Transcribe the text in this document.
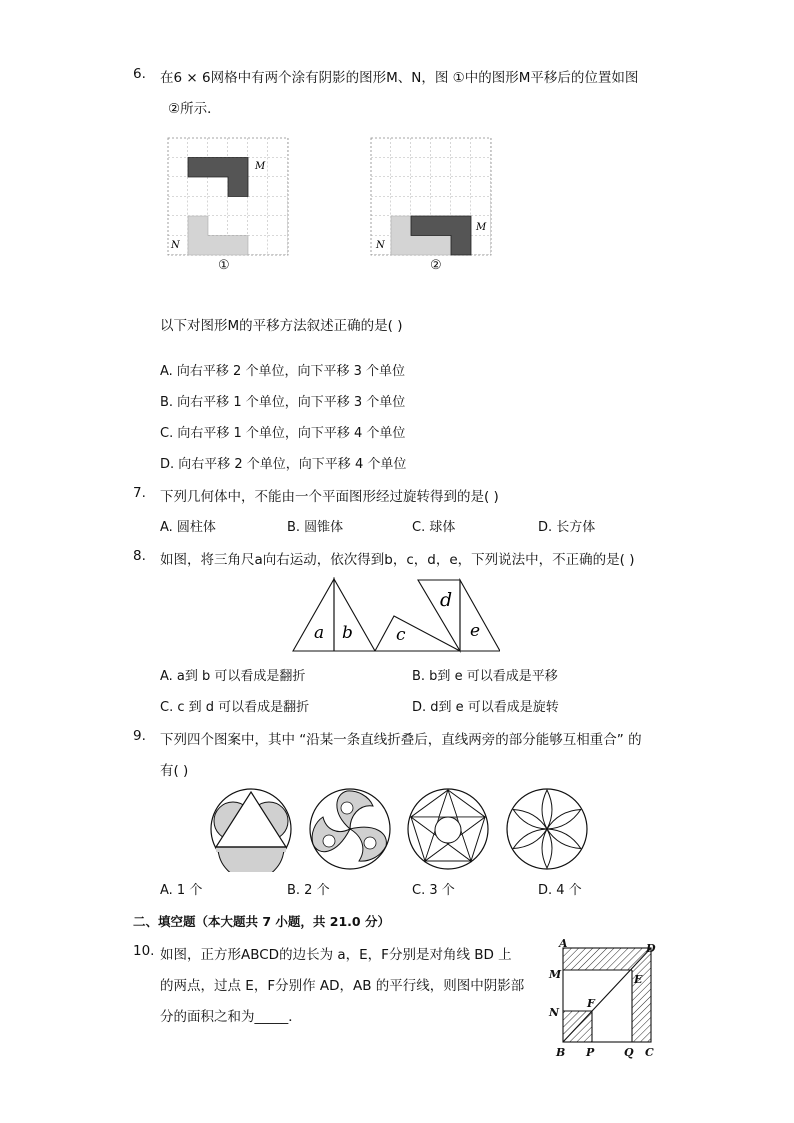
6. 在6 × 6网格中有两个涂有阴影的图形M、N，图 ①中的图形M平移后的位置如图
②所示．
M
N
①
M
N
②
以下对图形M的平移方法叙述正确的是( )
A. 向右平移 2 个单位，向下平移 3 个单位
B. 向右平移 1 个单位，向下平移 3 个单位
C. 向右平移 1 个单位，向下平移 4 个单位
D. 向右平移 2 个单位，向下平移 4 个单位
7. 下列几何体中，不能由一个平面图形经过旋转得到的是( )
A. 圆柱体	B. 圆锥体	C. 球体	D. 长方体
8. 如图，将三角尺a向右运动，依次得到b，c，d，e，下列说法中，不正确的是( )
a b	c
d
e
A. a到 b 可以看成是翻折	B. b到 e 可以看成是平移
C. c 到 d 可以看成是翻折	D. d到 e 可以看成是旋转
9. 下列四个图案中，其中 “沿某一条直线折叠后，直线两旁的部分能够互相重合” 的
有( )
A. 1 个	B. 2 个	C. 3 个	D. 4 个
二、填空题（本大题共 7 小题，共 21.0 分）
10. 如图，正方形ABCD的边长为 a，E，F分别是对角线 BD 上
的两点，过点 E，F分别作 AD，AB 的平行线，则图中阴影部
分的面积之和为_____．
A	D
M	E
F
N
B P	Q C
